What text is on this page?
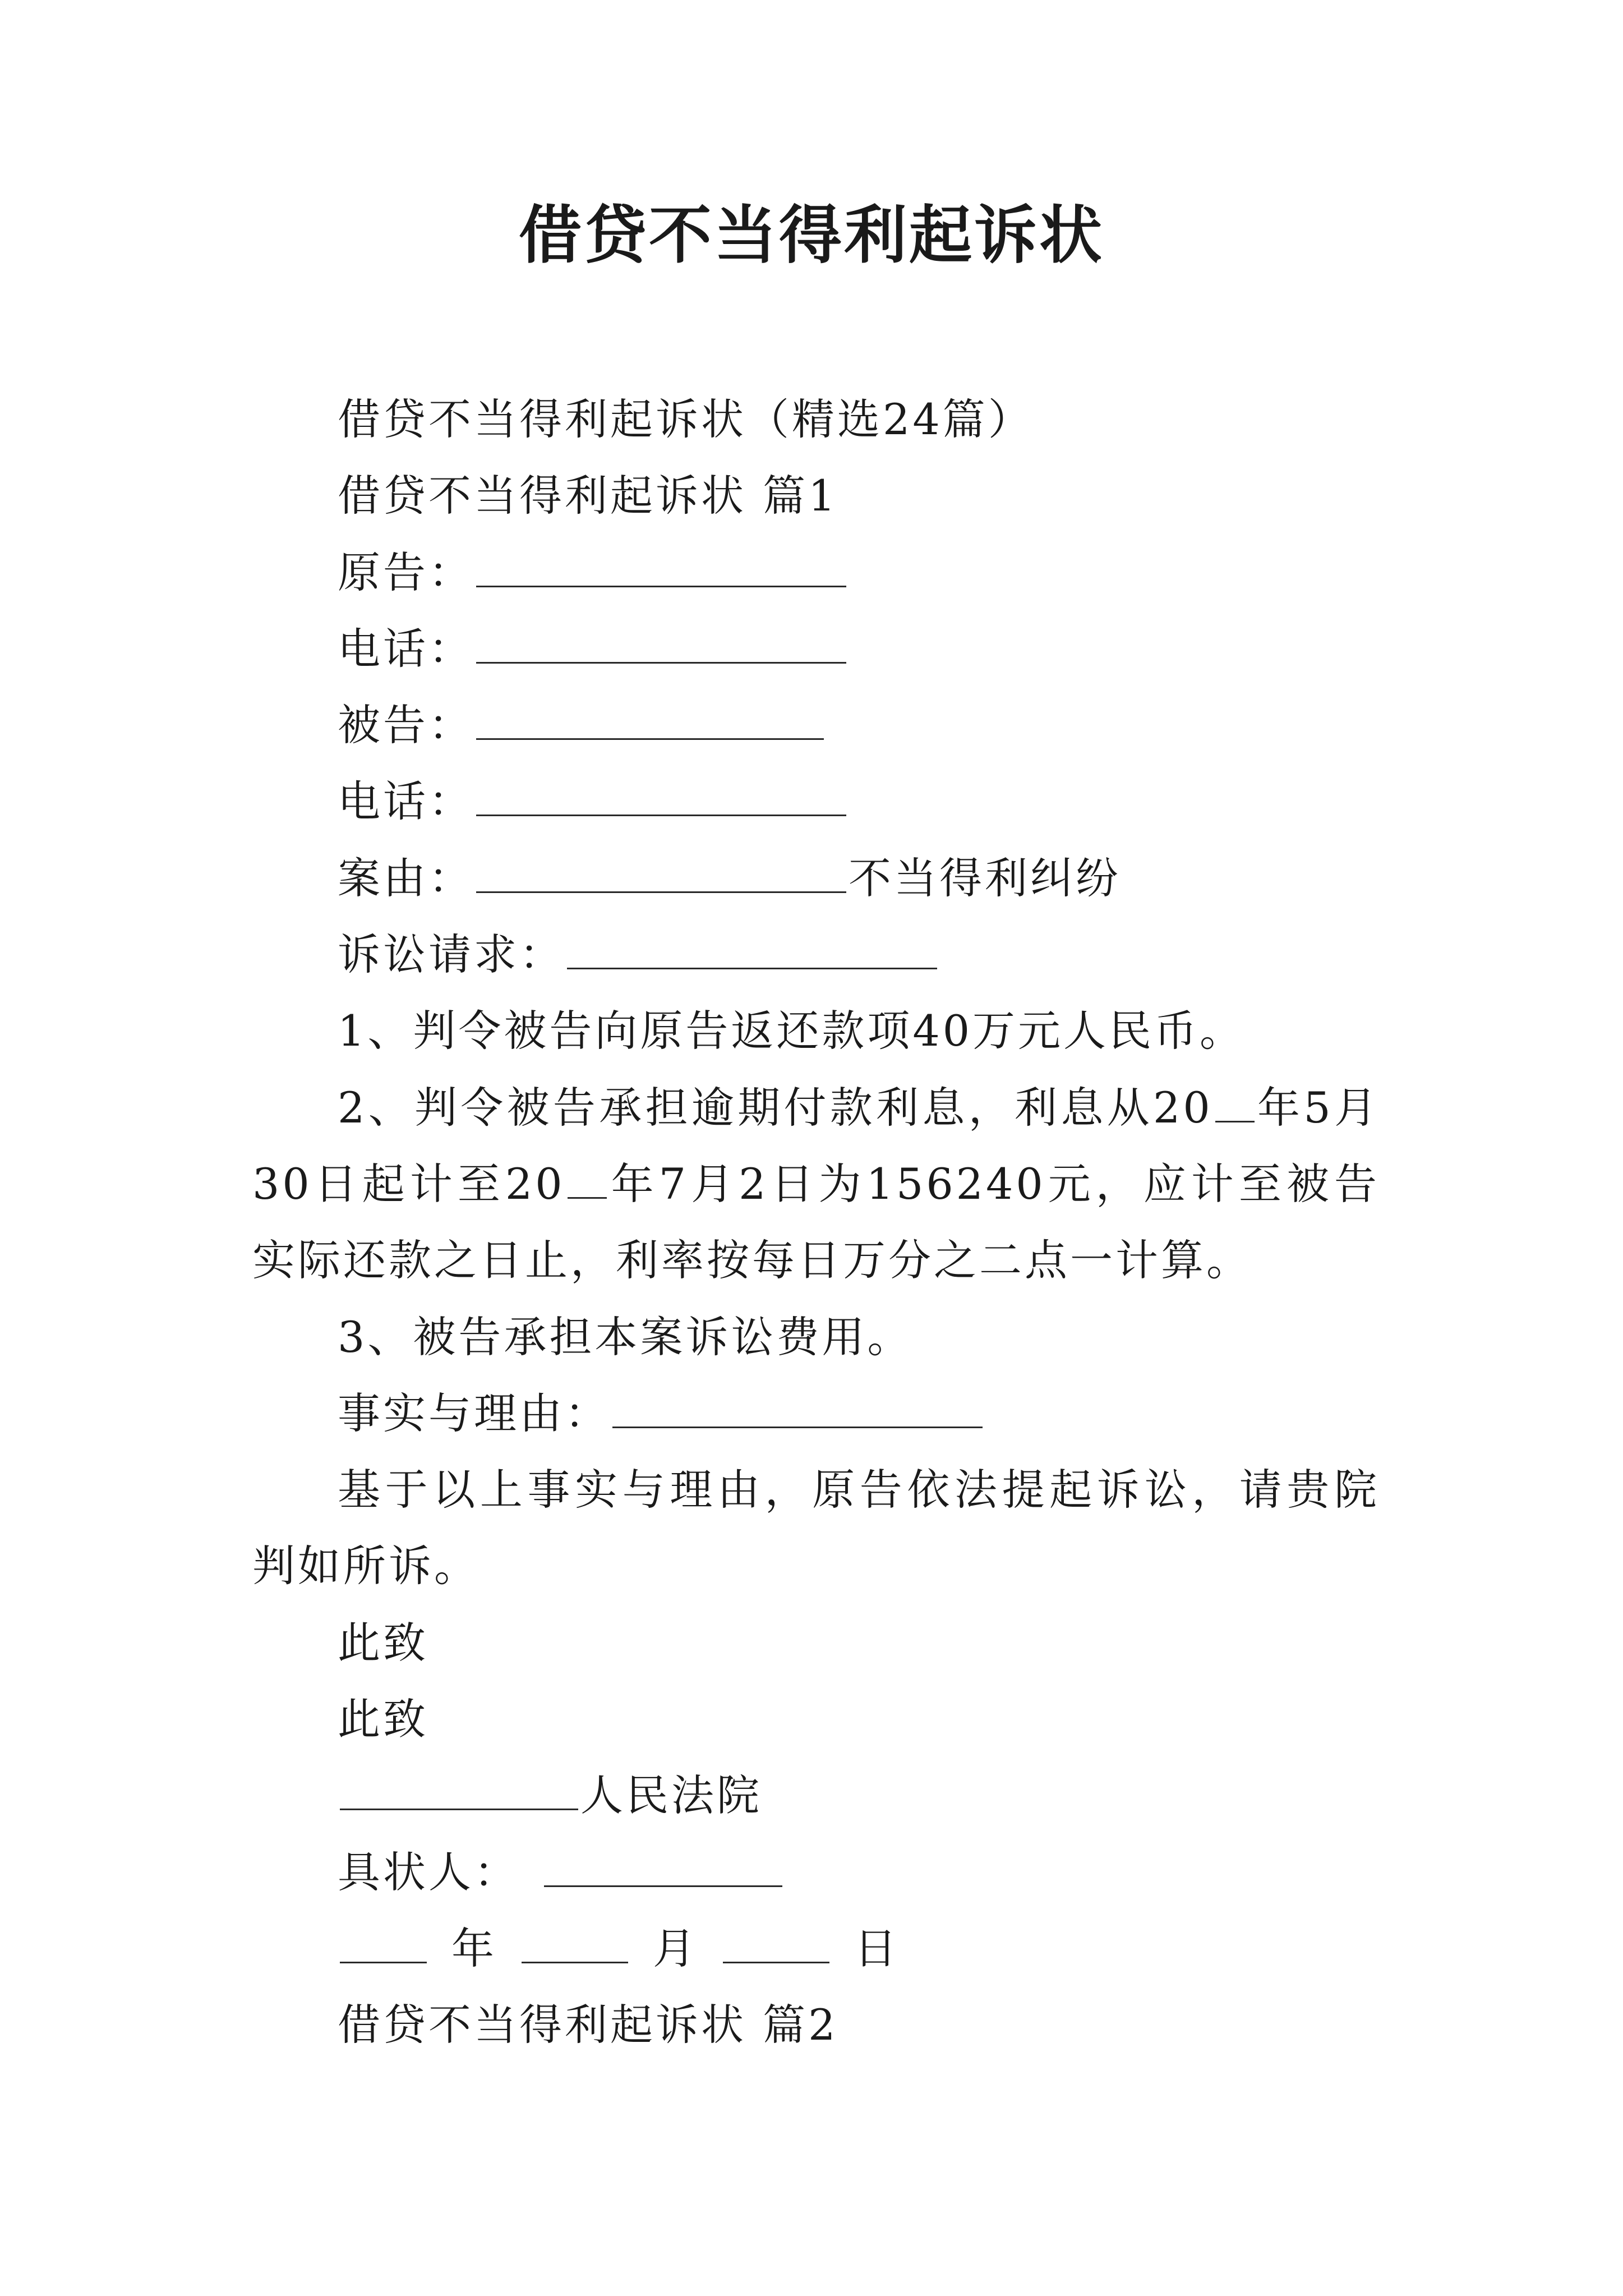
借贷不当得利起诉状

借贷不当得利起诉状（精选24篇）

借贷不当得利起诉状 篇1

原告：

电话：

被告：

电话：

案由：	不当得利纠纷

诉讼请求：

1、判令被告向原告返还款项40万元人民币。

2、判令被告承担逾期付款利息，利息从20 年5月30日起计至20 年7月2日为156240元，应计至被告实际还款之日止，利率按每日万分之二点一计算。

3、被告承担本案诉讼费用。

事实与理由：

基于以上事实与理由，原告依法提起诉讼，请贵院判如所诉。

此致

此致

人民法院

具状人：

年	月	日

借贷不当得利起诉状 篇2
